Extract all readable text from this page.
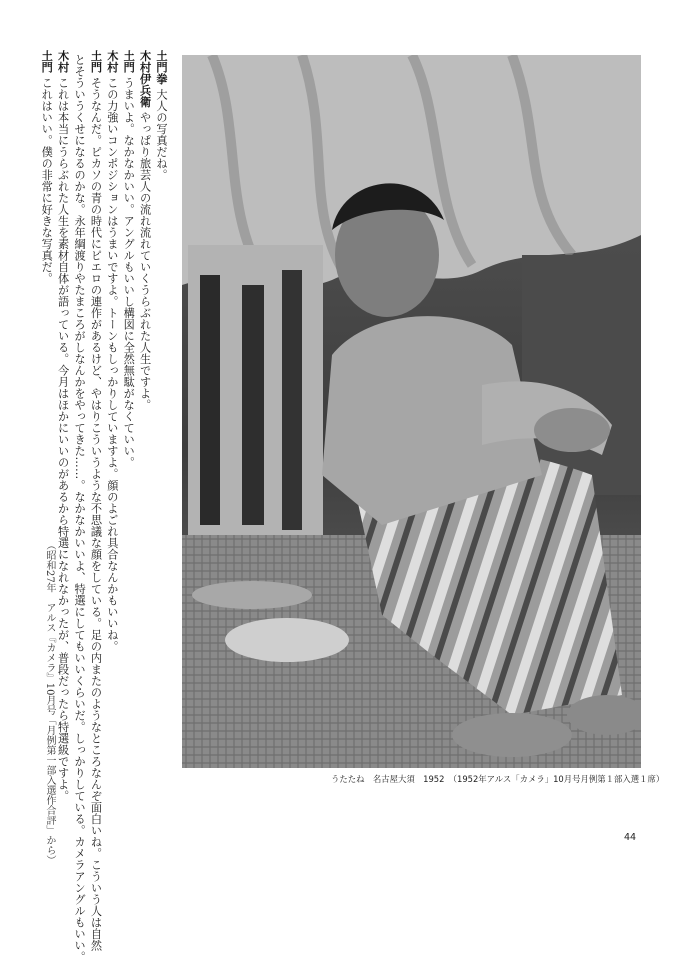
土門拳大人の写真だね。
木村伊兵衛やっぱり旅芸人の流れ流れていくうらぶれた人生ですよ。
土門うまいよ。なかなかいい。アングルもいいし構図に全然無駄がなくていい。
木村この力強いコンポジションはうまいですよ。トーンもしっかりしていますよ。顔のよごれ具合なんかもいいね。
土門そうなんだ。ピカソの青の時代にピエロの連作があるけど、やはりこういうような不思議な顔をしている。足の内またのようなところなんぞ面白いね。こういう人は自然
とそういうくせになるのかな。永年綱渡りやたまころがしなんかをやってきた……。なかなかいいよ、特選にしてもいいくらいだ。しっかりしている。カメラアングルもいい。
木村これは本当にうらぶれた人生を素材自体が語っている。今月はほかにいいのがあるから特選になれなかったが、普段だったら特選級ですよ。
土門これはいい。僕の非常に好きな写真だ。
（昭和27年　アルス『カメラ』10月号「月例第一部入選作合評」から）	うたたね　名古屋大須　1952　（1952年アルス「カメラ」10月号月例第１部入選１席）
44
